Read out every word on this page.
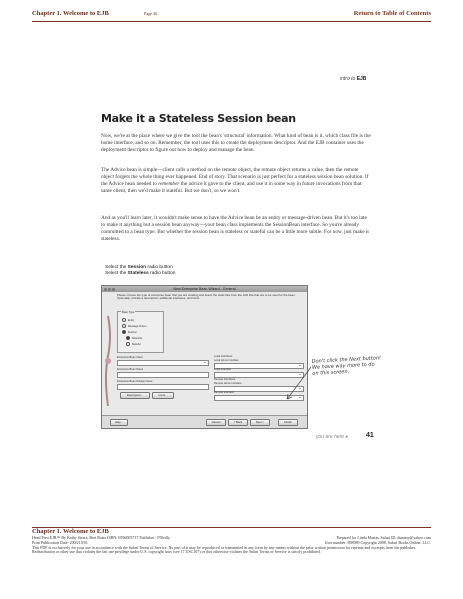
Chapter 1. Welcome to EJB	Page 46	Return to Table of Contents
intro to EJB
Make it a Stateless Session bean
Now, we're at the place where we give the tool the bean's 'structural' information. What kind of bean is it, which class file is the home interface, and so on. Remember, the tool uses this to create the deployment descriptor. And the EJB container uses the deployment descriptor to figure out how to deploy and manage the bean.
The Advice bean is simple—client calls a method on the remote object, the remote object returns a value, then the remote object forgets the whole thing ever happened. End of story. That scenario is just perfect for a stateless session bean solution. If the Advice bean needed to remember the advice it gave to the client, and use it in some way in future invocations from that same client, then we'd make it stateful. But we don't, so we won't.
And as you'll learn later, it wouldn't make sense to have the Advice bean be an entity or message-driven bean. But it's too late to make it anything but a session bean anyway—your bean class implements the SessionBean interface. So you're already committed to a bean type. But whether the session bean is stateless or stateful can be a little more subtle. For now, just make it stateless.
Select the Session radio button
Select the Stateless radio button
New Enterprise Bean Wizard - General
Please choose the type of enterprise bean that you are creating and select the class files from the JAR File that are to be used for the bean. Optionally, provide a description, additional interfaces, and icons.
Bean Type
Entity
Message-Driven
Session
Stateless
Stateful
Enterprise Bean Class
Enterprise Bean Name
Enterprise Bean Display Name
Description...	Icons...
Local Interfaces
Local Home Interface
Local Interface
Remote Interfaces
Remote Home Interface
Remote Interface
Help...	Cancel	< Back	Next >	Finish
Don't click the Next button! We have way more to do on this screen.
you are here ▸	41
Chapter 1. Welcome to EJB
Head First EJB™ By Kathy Sierra, Bert Bates ISBN: 0596005717 Publisher: O'Reilly
Print Publication Date: 2003/10/01
Prepared for Linda Martin, Safari ID: dummy@yahoo.com
User number: 898989 Copyright 2008, Safari Books Online, LLC.
This PDF is exclusively for your use in accordance with the Safari Terms of Service. No part of it may be reproduced or transmitted in any form by any means without the prior written permission for reprints and excerpts from the publisher. Redistribution or other use that violates the fair use privilege under U.S. copyright laws (see 17 USC107) or that otherwise violates the Safari Terms of Service is strictly prohibited.
